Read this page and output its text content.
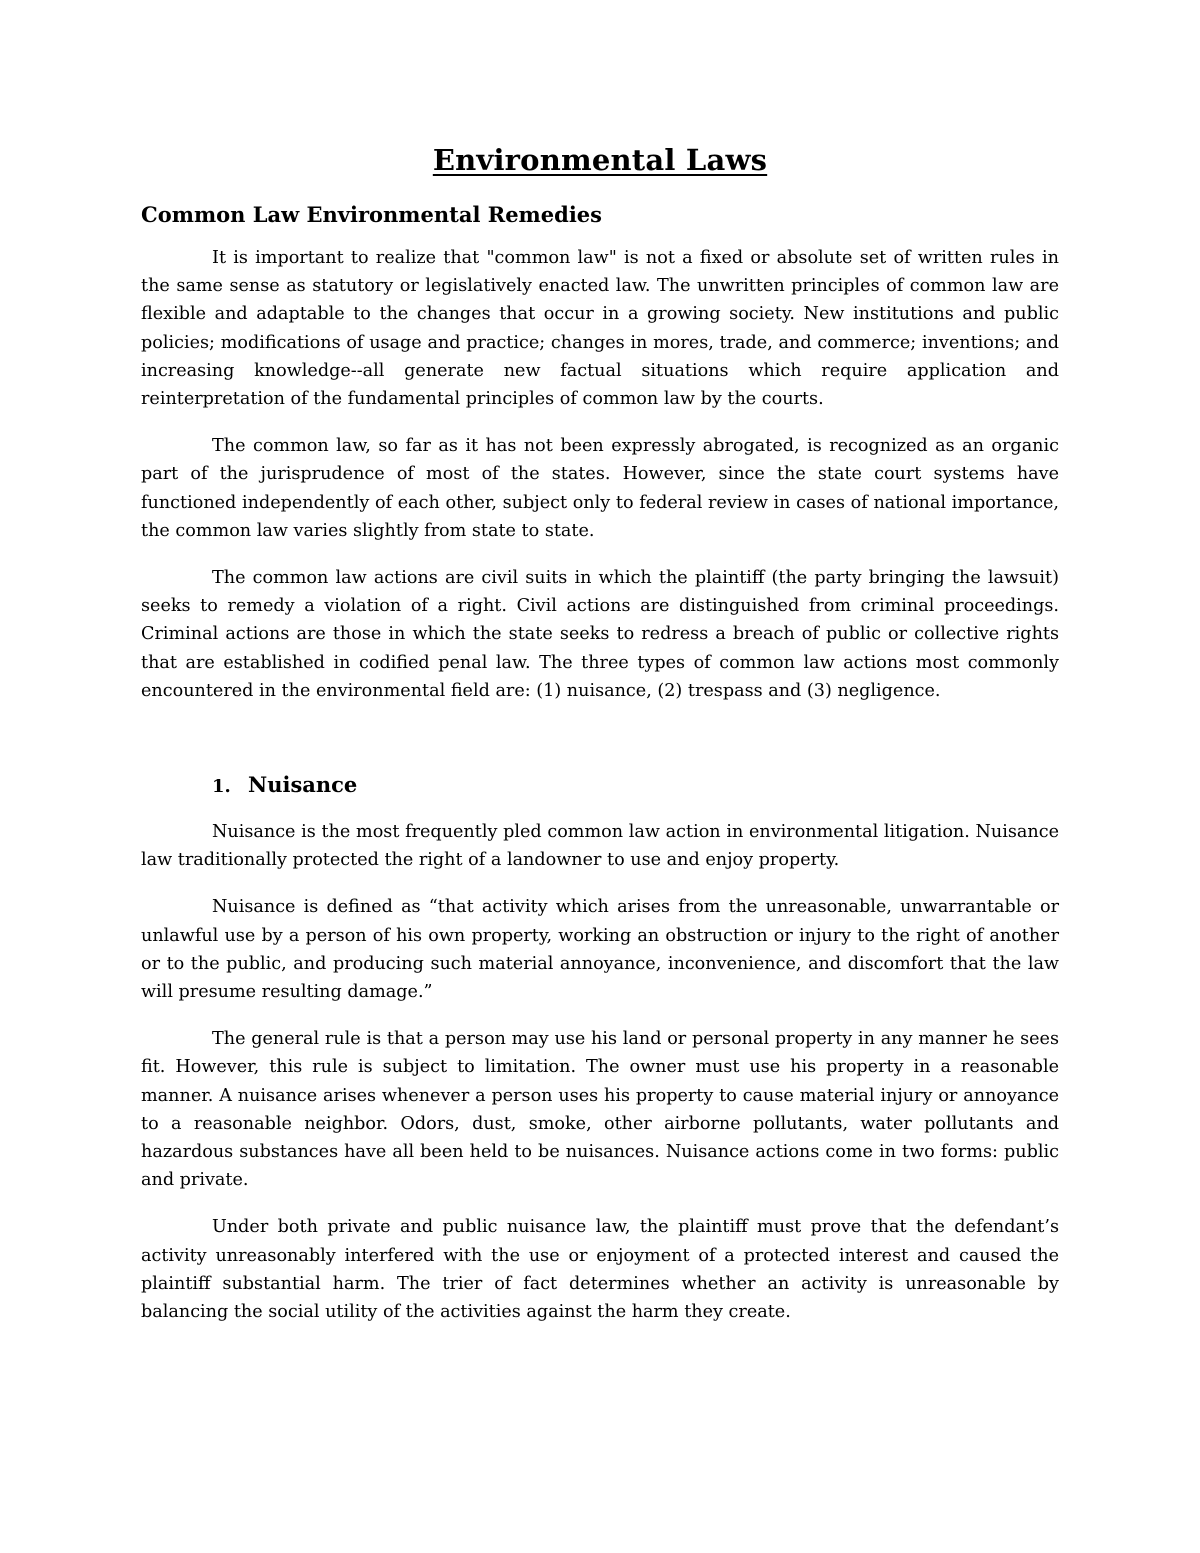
Environmental Laws
Common Law Environmental Remedies

It is important to realize that "common law" is not a fixed or absolute set of written rules in the same sense as statutory or legislatively enacted law. The unwritten principles of common law are flexible and adaptable to the changes that occur in a growing society. New institutions and public policies; modifications of usage and practice; changes in mores, trade, and commerce; inventions; and increasing knowledge--all generate new factual situations which require application and reinterpretation of the fundamental principles of common law by the courts.

The common law, so far as it has not been expressly abrogated, is recognized as an organic part of the jurisprudence of most of the states. However, since the state court systems have functioned independently of each other, subject only to federal review in cases of national importance, the common law varies slightly from state to state.

The common law actions are civil suits in which the plaintiff (the party bringing the lawsuit) seeks to remedy a violation of a right. Civil actions are distinguished from criminal proceedings. Criminal actions are those in which the state seeks to redress a breach of public or collective rights that are established in codified penal law. The three types of common law actions most commonly encountered in the environmental field are: (1) nuisance, (2) trespass and (3) negligence.

1. Nuisance

Nuisance is the most frequently pled common law action in environmental litigation. Nuisance law traditionally protected the right of a landowner to use and enjoy property.

Nuisance is defined as “that activity which arises from the unreasonable, unwarrantable or unlawful use by a person of his own property, working an obstruction or injury to the right of another or to the public, and producing such material annoyance, inconvenience, and discomfort that the law will presume resulting damage.”

The general rule is that a person may use his land or personal property in any manner he sees fit. However, this rule is subject to limitation. The owner must use his property in a reasonable manner. A nuisance arises whenever a person uses his property to cause material injury or annoyance to a reasonable neighbor. Odors, dust, smoke, other airborne pollutants, water pollutants and hazardous substances have all been held to be nuisances. Nuisance actions come in two forms: public and private.

Under both private and public nuisance law, the plaintiff must prove that the defendant’s activity unreasonably interfered with the use or enjoyment of a protected interest and caused the plaintiff substantial harm. The trier of fact determines whether an activity is unreasonable by balancing the social utility of the activities against the harm they create.
